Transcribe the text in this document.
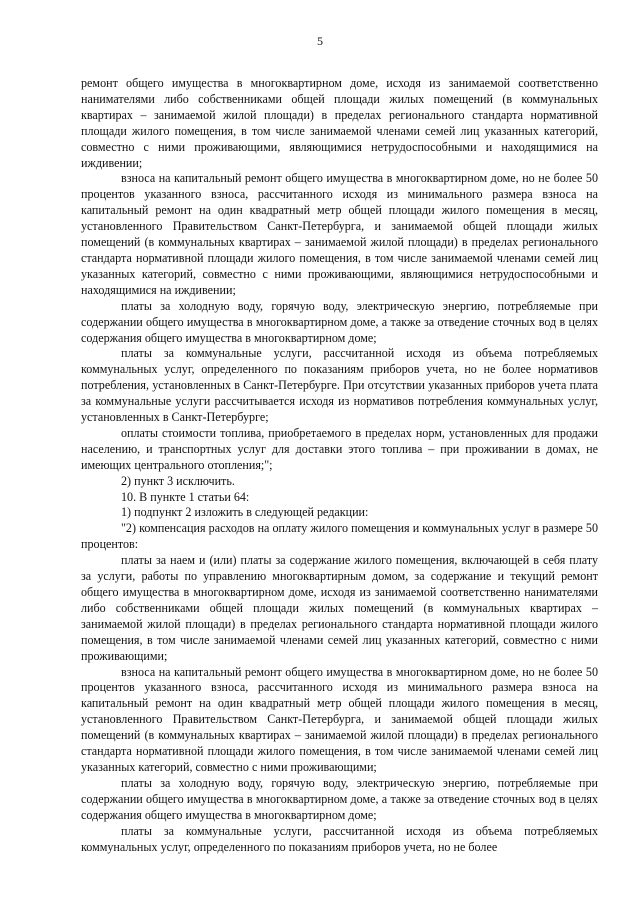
5

ремонт общего имущества в многоквартирном доме, исходя из занимаемой соответственно нанимателями либо собственниками общей площади жилых помещений (в коммунальных квартирах – занимаемой жилой площади) в пределах регионального стандарта нормативной площади жилого помещения, в том числе занимаемой членами семей лиц указанных категорий, совместно с ними проживающими, являющимися нетрудоспособными и находящимися на иждивении;

взноса на капитальный ремонт общего имущества в многоквартирном доме, но не более 50 процентов указанного взноса, рассчитанного исходя из минимального размера взноса на капитальный ремонт на один квадратный метр общей площади жилого помещения в месяц, установленного Правительством Санкт-Петербурга, и занимаемой общей площади жилых помещений (в коммунальных квартирах – занимаемой жилой площади) в пределах регионального стандарта нормативной площади жилого помещения, в том числе занимаемой членами семей лиц указанных категорий, совместно с ними проживающими, являющимися нетрудоспособными и находящимися на иждивении;

платы за холодную воду, горячую воду, электрическую энергию, потребляемые при содержании общего имущества в многоквартирном доме, а также за отведение сточных вод в целях содержания общего имущества в многоквартирном доме;

платы за коммунальные услуги, рассчитанной исходя из объема потребляемых коммунальных услуг, определенного по показаниям приборов учета, но не более нормативов потребления, установленных в Санкт-Петербурге. При отсутствии указанных приборов учета плата за коммунальные услуги рассчитывается исходя из нормативов потребления коммунальных услуг, установленных в Санкт-Петербурге;

оплаты стоимости топлива, приобретаемого в пределах норм, установленных для продажи населению, и транспортных услуг для доставки этого топлива – при проживании в домах, не имеющих центрального отопления;";

2) пункт 3 исключить.

10. В пункте 1 статьи 64:

1) подпункт 2 изложить в следующей редакции:

"2) компенсация расходов на оплату жилого помещения и коммунальных услуг в размере 50 процентов:

платы за наем и (или) платы за содержание жилого помещения, включающей в себя плату за услуги, работы по управлению многоквартирным домом, за содержание и текущий ремонт общего имущества в многоквартирном доме, исходя из занимаемой соответственно нанимателями либо собственниками общей площади жилых помещений (в коммунальных квартирах – занимаемой жилой площади) в пределах регионального стандарта нормативной площади жилого помещения, в том числе занимаемой членами семей лиц указанных категорий, совместно с ними проживающими;

взноса на капитальный ремонт общего имущества в многоквартирном доме, но не более 50 процентов указанного взноса, рассчитанного исходя из минимального размера взноса на капитальный ремонт на один квадратный метр общей площади жилого помещения в месяц, установленного Правительством Санкт-Петербурга, и занимаемой общей площади жилых помещений (в коммунальных квартирах – занимаемой жилой площади) в пределах регионального стандарта нормативной площади жилого помещения, в том числе занимаемой членами семей лиц указанных категорий, совместно с ними проживающими;

платы за холодную воду, горячую воду, электрическую энергию, потребляемые при содержании общего имущества в многоквартирном доме, а также за отведение сточных вод в целях содержания общего имущества в многоквартирном доме;

платы за коммунальные услуги, рассчитанной исходя из объема потребляемых коммунальных услуг, определенного по показаниям приборов учета, но не более
